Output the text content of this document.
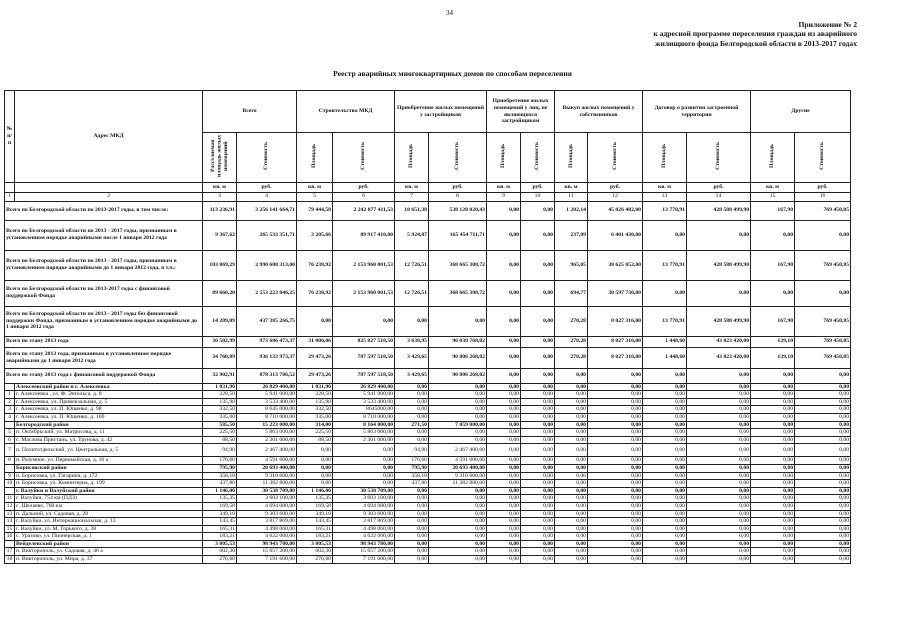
34
Приложение № 2
к адресной программе переселения граждан из аварийного
жилищного фонда Белгородской области в 2013-2017 годах
Реестр аварийных многоквартирных домов по способам переселения
№ п/п	Адрес МКД	Всего		Строительство МКД		Приобретение жилых помещений у застройщиков		Приобретение жилых помещений у лиц, не являющихся застройщиком		Выкуп жилых помещений у собственников		Договор о развитии застроенной территории		Другие	
		Расселяемая площадь жилых помещений	Стоимость	Площадь	Стоимость	Площадь	Стоимость	Площадь	Стоимость	Площадь	Стоимость	Площадь	Стоимость	Площадь	Стоимость
		кв. м	руб.	кв. м	руб.	кв. м	руб.	кв. м	руб.	кв. м	руб.	кв. м	руб.	кв. м	руб.
1	2	3	4	5	6	7	8	9	10	11	12	13	14	15	16
Всего по Белгородской области по 2013-2017 годы, в том числе:		113 236,91	3 256 141 664,71	79 444,58	2 242 877 411,53	18 651,38	538 120 020,43	0,00	0,00	1 202,14	45 026 482,00	13 770,91	428 588 499,90	167,90	769 450,85
Всего по Белгородской области по 2013 - 2017 годы, признанным в установленном порядке аварийными после 1 января 2012 года		9 367,62	265 533 351,71	3 205,66	89 917 410,00	5 924,87	165 454 711,71	0,00	0,00	237,09	6 401 430,00	0,00	0,00	0,00	0,00
Всего по Белгородской области по 2013 - 2017 годы, признанным в установленном порядке аварийными до 1 января 2012 года, в т.ч.:		103 869,29	2 990 608 313,00	76 238,92	2 153 960 001,53	12 726,51	368 665 308,72	0,00	0,00	965,05	38 625 052,00	13 770,91	428 588 499,90	167,90	769 450,85
Всего по Белгородской области по 2013-2017 годы с финансовой поддержкой Фонда		89 660,20	2 553 223 046,25	76 238,92	2 153 960 001,53	12 726,51	368 665 308,72	0,00	0,00	694,77	30 597 736,00	0,00	0,00	0,00	0,00
Всего по Белгородской области по 2013 - 2017 годы без финансовой поддержки Фонда, признанным в установленном порядке аварийными до 1 января 2012 года		14 209,09	437 385 266,75	0,00	0,00	0,00	0,00	0,00	0,00	270,28	8 027 316,00	13 770,91	428 588 499,90	167,90	769 450,85
Всего по этапу 2013 года		36 502,99	973 686 473,37	31 006,06	825 827 518,50	3 638,95	96 038 768,02	0,00	0,00	270,28	8 027 316,00	1 448,60	43 023 420,00	139,10	769 450,85
Всего по этапу 2013 года, признанным в установленном порядке аварийными до 1 января 2012 года		34 760,89	936 133 973,37	29 473,26	787 597 518,50	3 429,65	90 806 268,02	0,00	0,00	270,28	8 027 316,00	1 448,60	43 023 420,00	139,10	769 450,85
Всего по этапу 2013 года с финансовой поддержкой Фонда		32 902,91	878 313 786,52	29 473,26	787 597 518,50	3 429,65	90 806 268,02	0,00	0,00	0,00	0,00	0,00	0,00	0,00	0,00
	Алексеевский район и г. Алексеевка	1 031,90	26 829 400,00	1 031,90	26 829 400,00	0,00	0,00	0,00	0,00	0,00	0,00	0,00	0,00	0,00	0,00
1	г. Алексеевка , ул. Ф. Энгельса, д. 8	228,50	5 941 000,00	228,50	5 941 000,00	0,00	0,00	0,00	0,00	0,00	0,00	0,00	0,00	0,00	0,00
2	г. Алексеевка, ул. Привокзальная, д. 5	135,90	3 533 400,00	135,90	3 533 400,00	0,00	0,00	0,00	0,00	0,00	0,00	0,00	0,00	0,00	0,00
3	г. Алексеевка, ул. П. Ющенко, д. 98	332,50	8 645 000,00	332,50	8645000,00	0,00	0,00	0,00	0,00	0,00	0,00	0,00	0,00	0,00	0,00
4	г. Алексеевка, ул. П. Ющенко, д. 100	335,00	8 710 000,00	335,00	8 710 000,00	0,00	0,00	0,00	0,00	0,00	0,00	0,00	0,00	0,00	0,00
	Белгородский район	585,50	15 223 000,00	314,00	8 164 000,00	271,50	7 059 000,00	0,00	0,00	0,00	0,00	0,00	0,00	0,00	0,00
5	п. Октябрьский, ул. Матросова, д. 11	225,50	5 863 000,00	225,50	5 863 000,00	0,00	0,00	0,00	0,00	0,00	0,00	0,00	0,00	0,00	0,00
6	с. Маслова Пристань, ул. Трунова, д. 42	88,50	2 301 000,00	88,50	2 301 000,00	0,00	0,00	0,00	0,00	0,00	0,00	0,00	0,00	0,00	0,00
7	п. Политотдельский, ул. Центральная, д. 5	94,90	2 467 400,00	0,00	0,00	94,90	2 467 400,00	0,00	0,00	0,00	0,00	0,00	0,00	0,00	0,00
8	п. Разумное, ул. Первомайская, д. 16 а	176,60	4 591 600,00	0,00	0,00	176,60	4 591 600,00	0,00	0,00	0,00	0,00	0,00	0,00	0,00	0,00
	Борисовский район	795,90	20 693 400,00	0,00	0,00	795,90	20 693 400,00	0,00	0,00	0,00	0,00	0,00	0,00	0,00	0,00
9	п. Борисовка, ул. Гагарина, д. 172	358,10	9 310 600,00	0,00	0,00	358,10	9 310 600,00	0,00	0,00	0,00	0,00	0,00	0,00	0,00	0,00
10	п. Борисовка, ул. Коминтерна, д. 199	437,80	11 382 800,00	0,00	0,00	437,80	11 382 800,00	0,00	0,00	0,00	0,00	0,00	0,00	0,00	0,00
	г. Валуйки и Валуйский район	1 146,00	30 538 709,00	1 146,00	30 538 709,00	0,00	0,00	0,00	0,00	0,00	0,00	0,00	0,00	0,00	0,00
11	г. Валуйки, 754 км (ПДЗ)	135,35	3 603 100,00	135,35	3 603 100,00	0,00	0,00	0,00	0,00	0,00	0,00	0,00	0,00	0,00	0,00
12	с. Шелаево, 760 км	169,58	4 694 080,00	169,58	4 694 080,00	0,00	0,00	0,00	0,00	0,00	0,00	0,00	0,00	0,00	0,00
13	п. Дальний, ул. Садовая, д. 28	349,10	9 303 600,00	349,10	9 303 600,00	0,00	0,00	0,00	0,00	0,00	0,00	0,00	0,00	0,00	0,00
14	г. Валуйки, ул. Интернациональная, д. 13	143,45	3 817 869,00	143,45	3 817 869,00	0,00	0,00	0,00	0,00	0,00	0,00	0,00	0,00	0,00	0,00
15	г. Валуйки, ул. М. Горького, д. 38	165,31	4 498 060,00	165,31	4 498 060,00	0,00	0,00	0,00	0,00	0,00	0,00	0,00	0,00	0,00	0,00
16	с. Уразово, ул. Пионерская, д. 1	183,21	4 622 000,00	183,21	4 622 000,00	0,00	0,00	0,00	0,00	0,00	0,00	0,00	0,00	0,00	0,00
	Вейделевский район	3 805,53	98 943 780,00	3 805,53	98 943 780,00	0,00	0,00	0,00	0,00	0,00	0,00	0,00	0,00	0,00	0,00
17	п. Викторополь, ул. Садовая, д. 46 а	602,30	15 657 200,00	602,30	15 657 200,00	0,00	0,00	0,00	0,00	0,00	0,00	0,00	0,00	0,00	0,00
18	п. Викторополь, ул. Мира, д. 37	276,60	7 191 600,00	276,60	7 191 600,00	0,00	0,00	0,00	0,00	0,00	0,00	0,00	0,00	0,00	0,00
